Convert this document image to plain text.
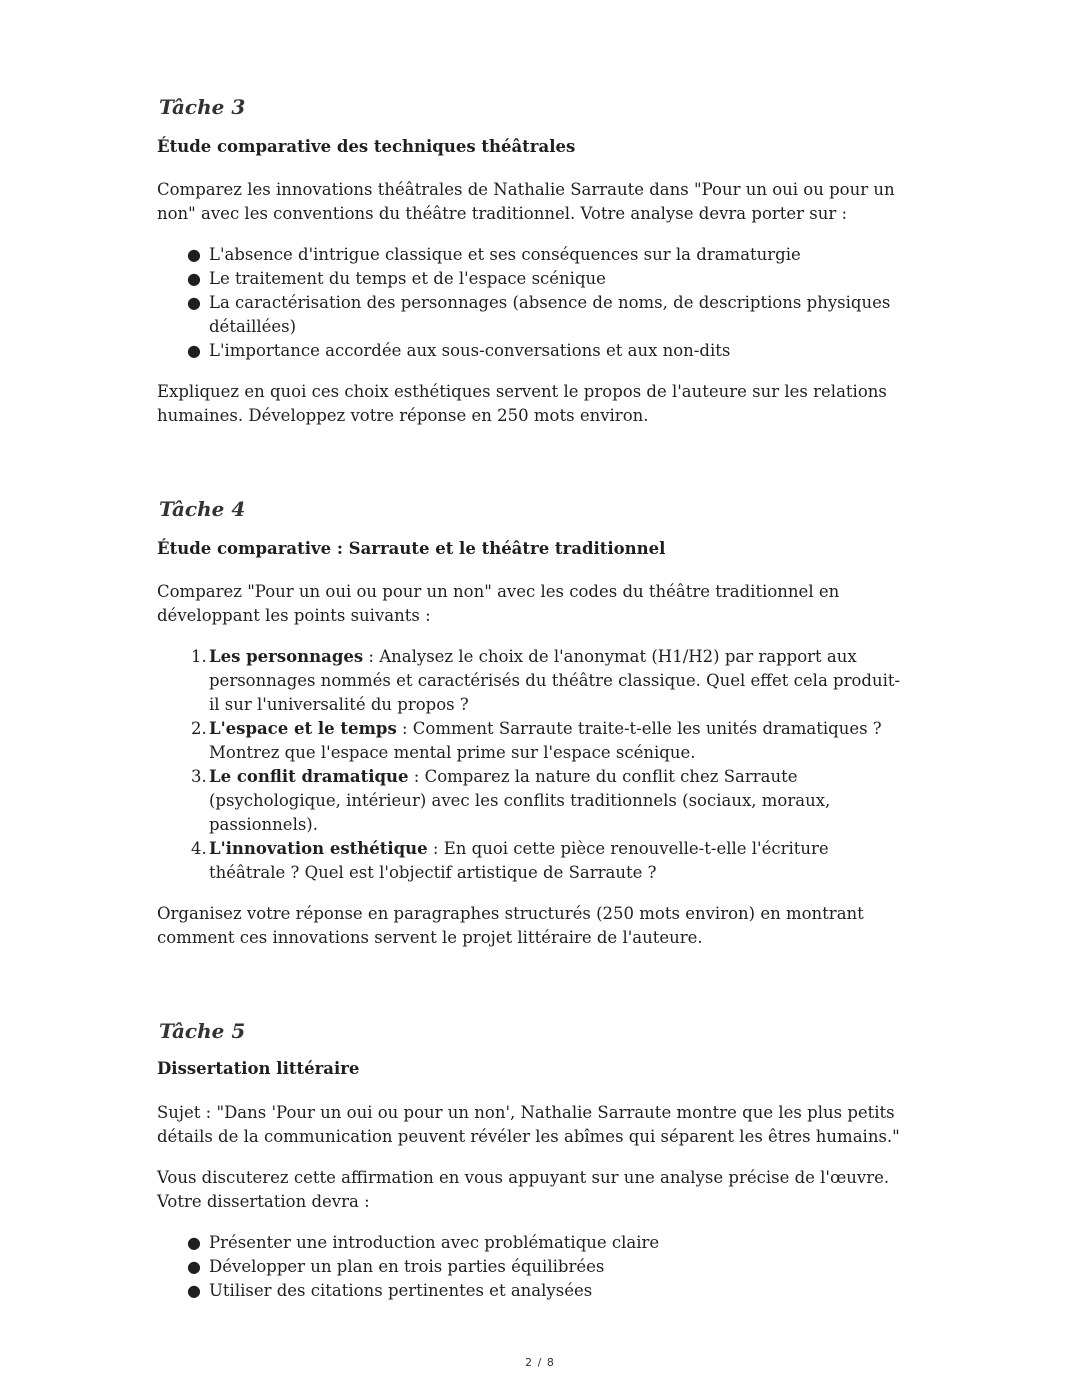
Tâche 3
Étude comparative des techniques théâtrales

Comparez les innovations théâtrales de Nathalie Sarraute dans "Pour un oui ou pour un non" avec les conventions du théâtre traditionnel. Votre analyse devra porter sur :

● L'absence d'intrigue classique et ses conséquences sur la dramaturgie
● Le traitement du temps et de l'espace scénique
● La caractérisation des personnages (absence de noms, de descriptions physiques détaillées)
● L'importance accordée aux sous-conversations et aux non-dits

Expliquez en quoi ces choix esthétiques servent le propos de l'auteure sur les relations humaines. Développez votre réponse en 250 mots environ.

Tâche 4
Étude comparative : Sarraute et le théâtre traditionnel

Comparez "Pour un oui ou pour un non" avec les codes du théâtre traditionnel en développant les points suivants :

1. Les personnages : Analysez le choix de l'anonymat (H1/H2) par rapport aux personnages nommés et caractérisés du théâtre classique. Quel effet cela produit-il sur l'universalité du propos ?
2. L'espace et le temps : Comment Sarraute traite-t-elle les unités dramatiques ? Montrez que l'espace mental prime sur l'espace scénique.
3. Le conflit dramatique : Comparez la nature du conflit chez Sarraute (psychologique, intérieur) avec les conflits traditionnels (sociaux, moraux, passionnels).
4. L'innovation esthétique : En quoi cette pièce renouvelle-t-elle l'écriture théâtrale ? Quel est l'objectif artistique de Sarraute ?

Organisez votre réponse en paragraphes structurés (250 mots environ) en montrant comment ces innovations servent le projet littéraire de l'auteure.

Tâche 5
Dissertation littéraire

Sujet : "Dans 'Pour un oui ou pour un non', Nathalie Sarraute montre que les plus petits détails de la communication peuvent révéler les abîmes qui séparent les êtres humains."

Vous discuterez cette affirmation en vous appuyant sur une analyse précise de l'œuvre. Votre dissertation devra :

● Présenter une introduction avec problématique claire
● Développer un plan en trois parties équilibrées
● Utiliser des citations pertinentes et analysées
2 / 8
